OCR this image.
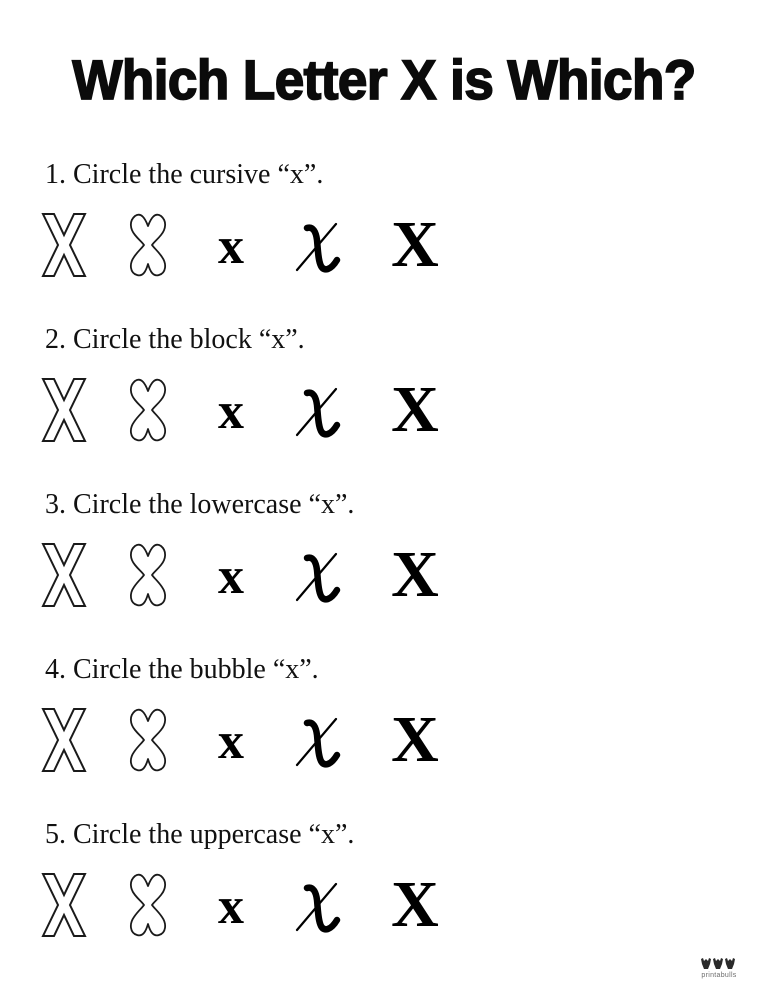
Which Letter X is Which?
1. Circle the cursive “x”.
x X
2. Circle the block “x”.
x X
3. Circle the lowercase “x”.
x X
4. Circle the bubble “x”.
x X
5. Circle the uppercase “x”.
x X
printabulls
